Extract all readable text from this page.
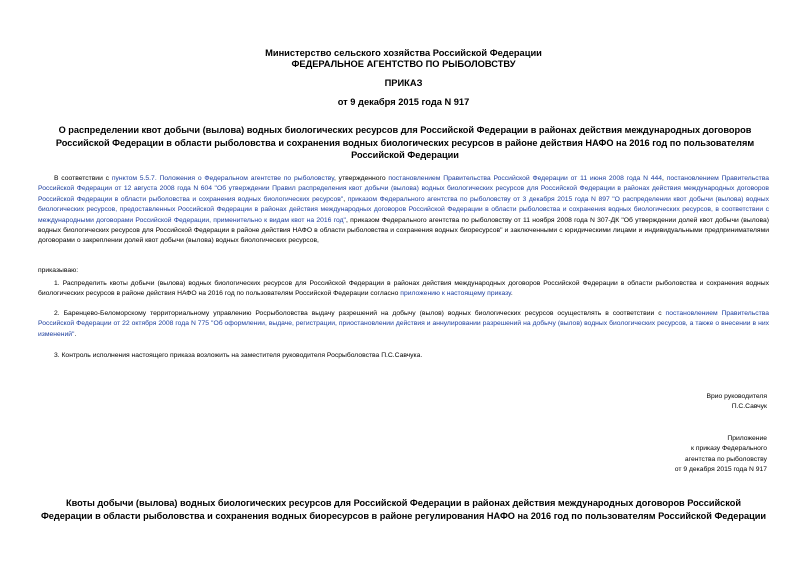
Министерство сельского хозяйства Российской Федерации
ФЕДЕРАЛЬНОЕ АГЕНТСТВО ПО РЫБОЛОВСТВУ
ПРИКАЗ
от 9 декабря 2015 года N 917
О распределении квот добычи (вылова) водных биологических ресурсов для Российской Федерации в районах действия международных договоров Российской Федерации в области рыболовства и сохранения водных биологических ресурсов в районе действия НАФО на 2016 год по пользователям Российской Федерации
В соответствии с пунктом 5.5.7. Положения о Федеральном агентстве по рыболовству, утвержденного постановлением Правительства Российской Федерации от 11 июня 2008 года N 444, постановлением Правительства Российской Федерации от 12 августа 2008 года N 604 "Об утверждении Правил распределения квот добычи (вылова) водных биологических ресурсов для Российской Федерации в районах действия международных договоров Российской Федерации в области рыболовства и сохранения водных биологических ресурсов", приказом Федерального агентства по рыболовству от 3 декабря 2015 года N 897 "О распределении квот добычи (вылова) водных биологических ресурсов, предоставленных Российской Федерации в районах действия международных договоров Российской Федерации в области рыболовства и сохранения водных биологических ресурсов, в соответствии с международными договорами Российской Федерации, применительно к видам квот на 2016 год", приказом Федерального агентства по рыболовству от 11 ноября 2008 года N 307-ДК "Об утверждении долей квот добычи (вылова) водных биологических ресурсов для Российской Федерации в районе действия НАФО в области рыболовства и сохранения водных биоресурсов" и заключенными с юридическими лицами и индивидуальными предпринимателями договорами о закреплении долей квот добычи (вылова) водных биологических ресурсов,
приказываю:
1. Распределить квоты добычи (вылова) водных биологических ресурсов для Российской Федерации в районах действия международных договоров Российской Федерации в области рыболовства и сохранения водных биологических ресурсов в районе действия НАФО на 2016 год по пользователям Российской Федерации согласно приложению к настоящему приказу.
2. Баренцево-Беломорскому территориальному управлению Росрыболовства выдачу разрешений на добычу (вылов) водных биологических ресурсов осуществлять в соответствии с постановлением Правительства Российской Федерации от 22 октября 2008 года N 775 "Об оформлении, выдаче, регистрации, приостановлении действия и аннулировании разрешений на добычу (вылов) водных биологических ресурсов, а также о внесении в них изменений".
3. Контроль исполнения настоящего приказа возложить на заместителя руководителя Росрыболовства П.С.Савчука.
Врио руководителя
П.С.Савчук
Приложение
к приказу Федерального
агентства по рыболовству
от 9 декабря 2015 года N 917
Квоты добычи (вылова) водных биологических ресурсов для Российской Федерации в районах действия международных договоров Российской Федерации в области рыболовства и сохранения водных биоресурсов в районе регулирования НАФО на 2016 год по пользователям Российской Федерации
